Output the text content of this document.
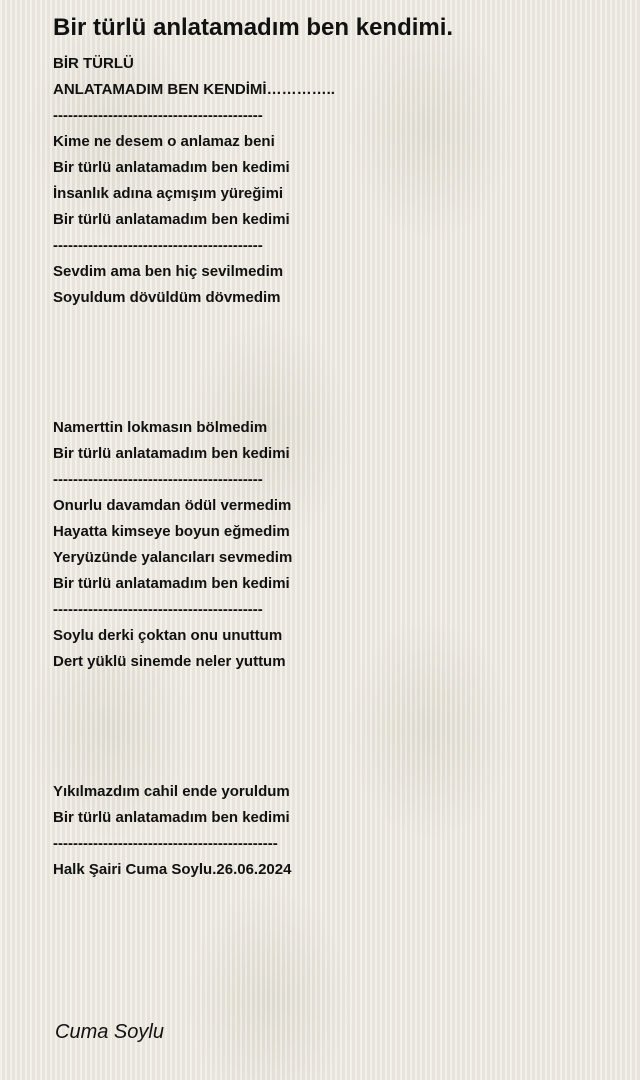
Bir türlü anlatamadım ben kendimi.
BİR TÜRLÜ
ANLATAMADIM BEN KENDİMİ…………..
------------------------------------------
Kime ne desem o anlamaz beni
Bir türlü anlatamadım ben kedimi
İnsanlık adına açmışım yüreğimi
Bir türlü anlatamadım ben kedimi
------------------------------------------
Sevdim ama ben hiç sevilmedim
Soyuldum dövüldüm dövmedim
Namerttin lokmasın bölmedim
Bir türlü anlatamadım ben kedimi
------------------------------------------
Onurlu davamdan ödül vermedim
Hayatta kimseye boyun eğmedim
Yeryüzünde yalancıları sevmedim
Bir türlü anlatamadım ben kedimi
------------------------------------------
Soylu derki çoktan onu unuttum
Dert yüklü sinemde neler yuttum
Yıkılmazdım cahil ende yoruldum
Bir türlü anlatamadım ben kedimi
---------------------------------------------
Halk Şairi Cuma Soylu.26.06.2024
Cuma Soylu
